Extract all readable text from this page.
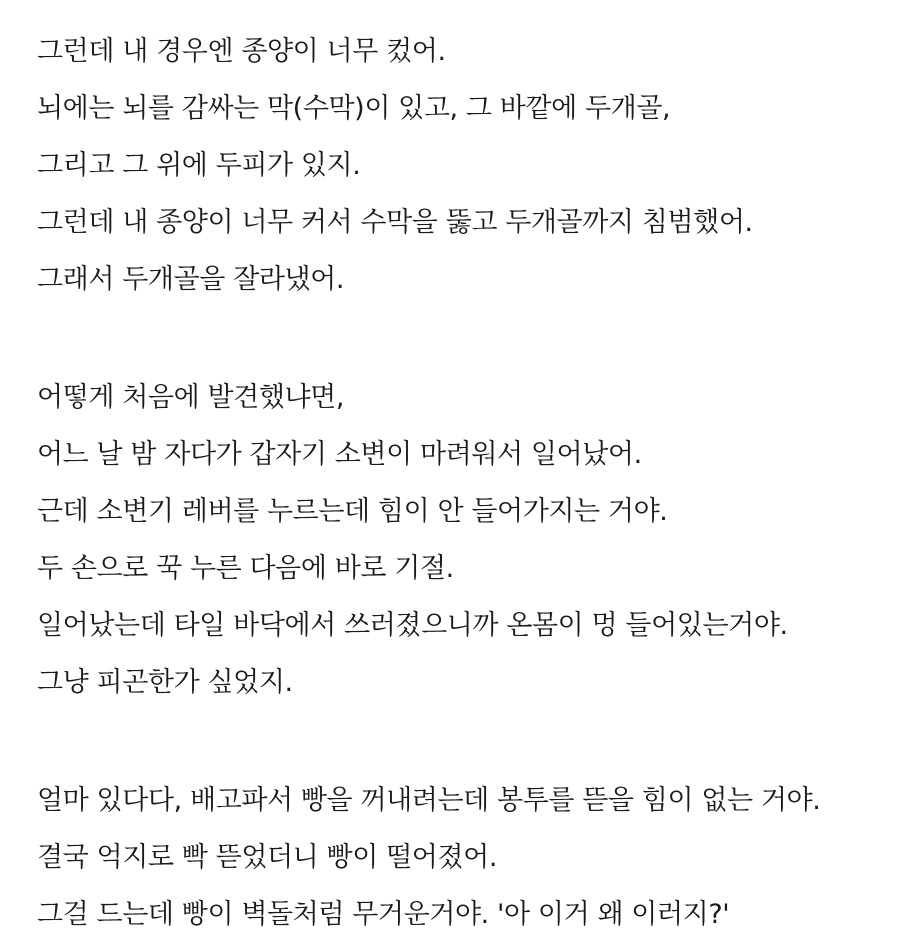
그런데 내 경우엔 종양이 너무 컸어.
뇌에는 뇌를 감싸는 막(수막)이 있고, 그 바깥에 두개골,
그리고 그 위에 두피가 있지.
그런데 내 종양이 너무 커서 수막을 뚫고 두개골까지 침범했어.
그래서 두개골을 잘라냈어.
어떻게 처음에 발견했냐면,
어느 날 밤 자다가 갑자기 소변이 마려워서 일어났어.
근데 소변기 레버를 누르는데 힘이 안 들어가지는 거야.
두 손으로 꾹 누른 다음에 바로 기절.
일어났는데 타일 바닥에서 쓰러졌으니까 온몸이 멍 들어있는거야.
그냥 피곤한가 싶었지.
얼마 있다다, 배고파서 빵을 꺼내려는데 봉투를 뜯을 힘이 없는 거야.
결국 억지로 빡 뜯었더니 빵이 떨어졌어.
그걸 드는데 빵이 벽돌처럼 무거운거야. '아 이거 왜 이러지?'
